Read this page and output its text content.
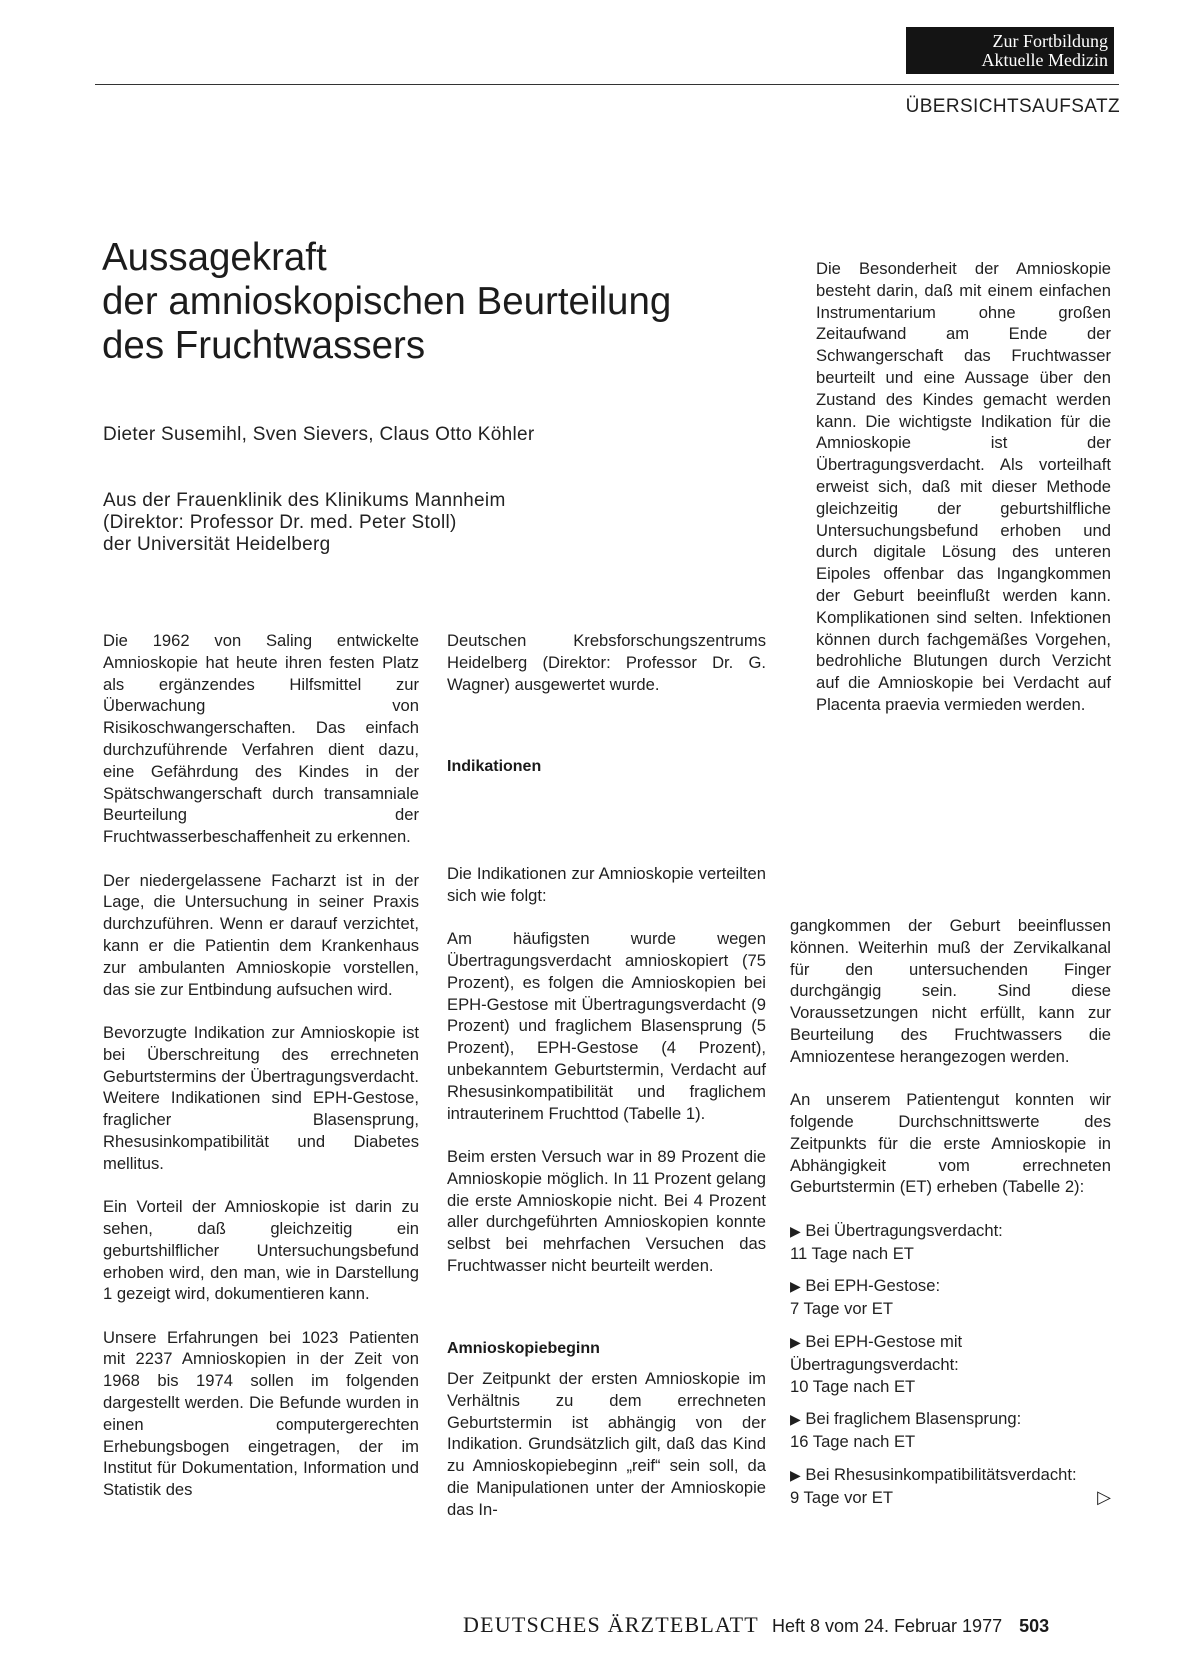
Zur Fortbildung
Aktuelle Medizin
ÜBERSICHTSAUFSATZ
Aussagekraft
der amnioskopischen Beurteilung
des Fruchtwassers
Dieter Susemihl, Sven Sievers, Claus Otto Köhler
Aus der Frauenklinik des Klinikums Mannheim
(Direktor: Professor Dr. med. Peter Stoll)
der Universität Heidelberg

Die 1962 von Saling entwickelte Amnioskopie hat heute ihren festen Platz als ergänzendes Hilfsmittel zur Überwachung von Risikoschwangerschaften. Das einfach durchzuführende Verfahren dient dazu, eine Gefährdung des Kindes in der Spätschwangerschaft durch transamniale Beurteilung der Fruchtwasserbeschaffenheit zu erkennen.

Der niedergelassene Facharzt ist in der Lage, die Untersuchung in seiner Praxis durchzuführen. Wenn er darauf verzichtet, kann er die Patientin dem Krankenhaus zur ambulanten Amnioskopie vorstellen, das sie zur Entbindung aufsuchen wird.

Bevorzugte Indikation zur Amnioskopie ist bei Überschreitung des errechneten Geburtstermins der Übertragungsverdacht. Weitere Indikationen sind EPH-Gestose, fraglicher Blasensprung, Rhesusinkompatibilität und Diabetes mellitus.

Ein Vorteil der Amnioskopie ist darin zu sehen, daß gleichzeitig ein geburtshilflicher Untersuchungsbefund erhoben wird, den man, wie in Darstellung 1 gezeigt wird, dokumentieren kann.

Unsere Erfahrungen bei 1023 Patienten mit 2237 Amnioskopien in der Zeit von 1968 bis 1974 sollen im folgenden dargestellt werden. Die Befunde wurden in einen computergerechten Erhebungsbogen eingetragen, der im Institut für Dokumentation, Information und Statistik des

Deutschen Krebsforschungszentrums Heidelberg (Direktor: Professor Dr. G. Wagner) ausgewertet wurde.

Indikationen

Die Indikationen zur Amnioskopie verteilten sich wie folgt:

Am häufigsten wurde wegen Übertragungsverdacht amnioskopiert (75 Prozent), es folgen die Amnioskopien bei EPH-Gestose mit Übertragungsverdacht (9 Prozent) und fraglichem Blasensprung (5 Prozent), EPH-Gestose (4 Prozent), unbekanntem Geburtstermin, Verdacht auf Rhesusinkompatibilität und fraglichem intrauterinem Fruchttod (Tabelle 1).

Beim ersten Versuch war in 89 Prozent die Amnioskopie möglich. In 11 Prozent gelang die erste Amnioskopie nicht. Bei 4 Prozent aller durchgeführten Amnioskopien konnte selbst bei mehrfachen Versuchen das Fruchtwasser nicht beurteilt werden.

Amnioskopiebeginn

Der Zeitpunkt der ersten Amnioskopie im Verhältnis zu dem errechneten Geburtstermin ist abhängig von der Indikation. Grundsätzlich gilt, daß das Kind zu Amnioskopiebeginn „reif“ sein soll, da die Manipulationen unter der Amnioskopie das In-

Die Besonderheit der Amnioskopie besteht darin, daß mit einem einfachen Instrumentarium ohne großen Zeitaufwand am Ende der Schwangerschaft das Fruchtwasser beurteilt und eine Aussage über den Zustand des Kindes gemacht werden kann. Die wichtigste Indikation für die Amnioskopie ist der Übertragungsverdacht. Als vorteilhaft erweist sich, daß mit dieser Methode gleichzeitig der geburtshilfliche Untersuchungsbefund erhoben und durch digitale Lösung des unteren Eipoles offenbar das Ingangkommen der Geburt beeinflußt werden kann. Komplikationen sind selten. Infektionen können durch fachgemäßes Vorgehen, bedrohliche Blutungen durch Verzicht auf die Amnioskopie bei Verdacht auf Placenta praevia vermieden werden.

gangkommen der Geburt beeinflussen können. Weiterhin muß der Zervikalkanal für den untersuchenden Finger durchgängig sein. Sind diese Voraussetzungen nicht erfüllt, kann zur Beurteilung des Fruchtwassers die Amniozentese herangezogen werden.

An unserem Patientengut konnten wir folgende Durchschnittswerte des Zeitpunkts für die erste Amnioskopie in Abhängigkeit vom errechneten Geburtstermin (ET) erheben (Tabelle 2):

▶ Bei Übertragungsverdacht:
11 Tage nach ET
▶ Bei EPH-Gestose:
7 Tage vor ET
▶ Bei EPH-Gestose mit Übertragungsverdacht:
10 Tage nach ET
▶ Bei fraglichem Blasensprung:
16 Tage nach ET
▶ Bei Rhesusinkompatibilitätsverdacht:
9 Tage vor ET	▷
DEUTSCHES ÄRZTEBLATT Heft 8 vom 24. Februar 1977 503
